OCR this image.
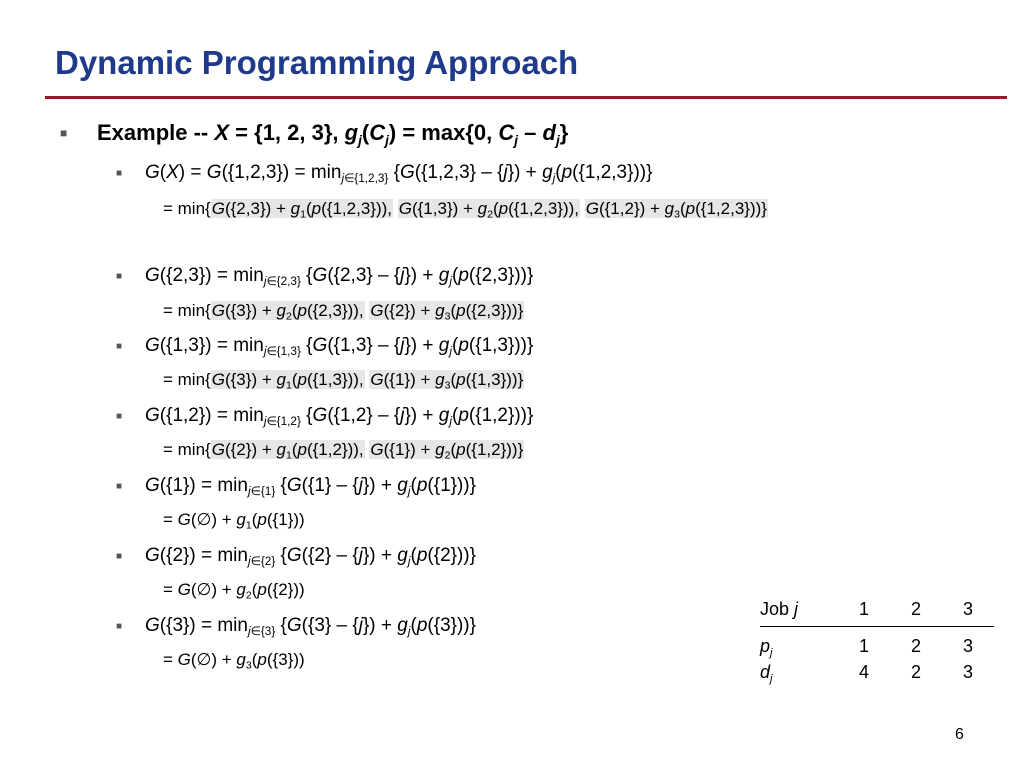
Dynamic Programming Approach
■ Example -- X = {1, 2, 3}, $g_j(C_j) = \max\{0$, $C_j - d_j$}
■ $G(X) = G(\{1,2,3\}) = \min_{j\in\{1,2,3\}} \{G(\{1,2,3\} - \{j\}) + g_j(p(\{1,2,3\}))\}$
= $\min\{G(\{2,3\}) + g_1(p(\{1,2,3\}))$, $G(\{1,3\}) + g_2(p(\{1,2,3\}))$, $G(\{1,2\}) + g_3(p(\{1,2,3\}))$}
■ $G(\{2,3\}) = \min_{j\in\{2,3\}} \{G(\{2,3\} - \{j\}) + g_j(p(\{2,3\}))\}$
= $\min\{G(\{3\}) + g_2(p(\{2,3\}))$, $G(\{2\}) + g_3(p(\{2,3\}))$}
■ $G(\{1,3\}) = \min_{j\in\{1,3\}} \{G(\{1,3\} - \{j\}) + g_j(p(\{1,3\}))\}$
= $\min\{G(\{3\}) + g_1(p(\{1,3\}))$, $G(\{1\}) + g_3(p(\{1,3\}))$}
■ $G(\{1,2\}) = \min_{j\in\{1,2\}} \{G(\{1,2\} - \{j\}) + g_j(p(\{1,2\}))\}$
= $\min\{G(\{2\}) + g_1(p(\{1,2\}))$, $G(\{1\}) + g_2(p(\{1,2\}))$}
■ $G(\{1\}) = \min_{j\in\{1\}} \{G(\{1\} - \{j\}) + g_j(p(\{1\}))\}$
= G(∅) + $g_1(p(\{1\}))$
■ $G(\{2\}) = \min_{j\in\{2\}} \{G(\{2\} - \{j\}) + g_j(p(\{2\}))\}$
= G(∅) + $g_2(p(\{2\}))$
■ $G(\{3\}) = \min_{j\in\{3\}} \{G(\{3\} - \{j\}) + g_j(p(\{3\}))\}$
= G(∅) + $g_3(p(\{3\}))$
Job j	1	2	3
$p_j$	1	2	3
$d_j$	4	2	3
6
